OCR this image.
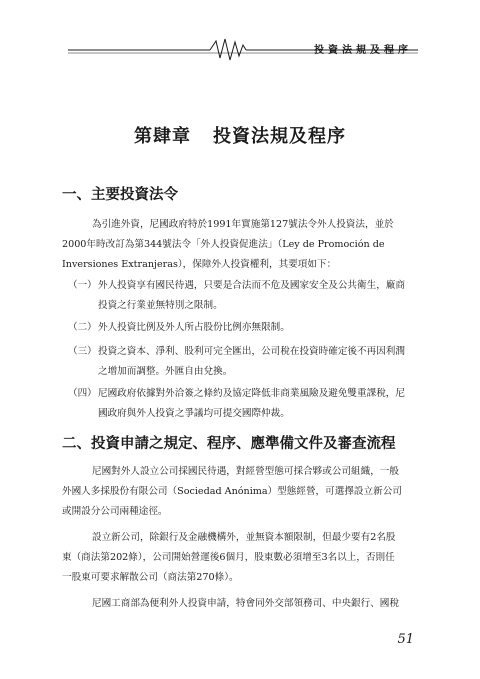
投資法規及程序
第肆章 投資法規及程序
一、主要投資法令
為引進外資，尼國政府特於1991年實施第127號法令外人投資法，並於
2000年時改訂為第344號法令「外人投資促進法」（Ley de Promoción de
Inversiones Extranjeras），保障外人投資權利，其要項如下：
（一） 外人投資享有國民待遇，只要是合法而不危及國家安全及公共衛生，廠商
投資之行業並無特別之限制。
（二） 外人投資比例及外人所占股份比例亦無限制。
（三） 投資之資本、淨利、股利可完全匯出，公司稅在投資時確定後不再因利潤
之增加而調整。外匯自由兌換。
（四） 尼國政府依據對外洽簽之條約及協定降低非商業風險及避免雙重課稅，尼
國政府與外人投資之爭議均可提交國際仲裁。
二、投資申請之規定、程序、應準備文件及審查流程
尼國對外人設立公司採國民待遇，對經營型態可採合夥或公司組織，一般
外國人多採股份有限公司（Sociedad Anónima）型態經營，可選擇設立新公司
或開設分公司兩種途徑。
設立新公司，除銀行及金融機構外，並無資本額限制，但最少要有2名股
東（商法第202條），公司開始營運後6個月，股東數必須增至3名以上，否則任
一股東可要求解散公司（商法第270條）。
尼國工商部為便利外人投資申請，特會同外交部領務司、中央銀行、國稅
51
